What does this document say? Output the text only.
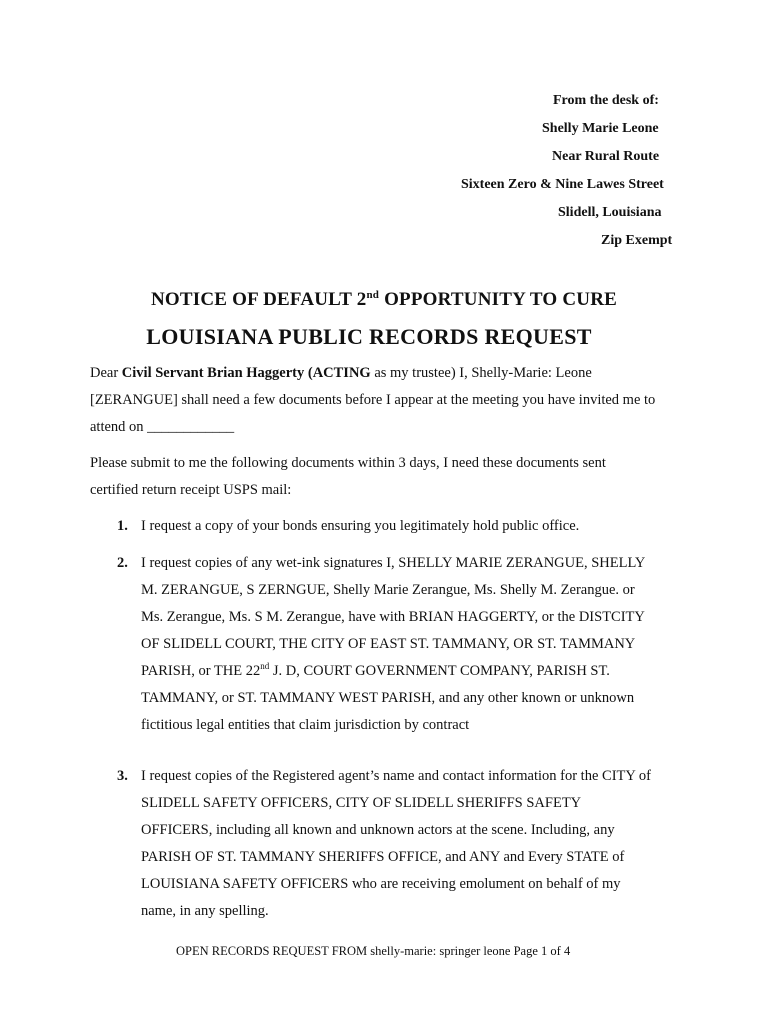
From the desk of:
Shelly Marie Leone
Near Rural Route
Sixteen Zero & Nine Lawes Street
Slidell, Louisiana
Zip Exempt
NOTICE OF DEFAULT 2nd OPPORTUNITY TO CURE
LOUISIANA PUBLIC RECORDS REQUEST
Dear Civil Servant Brian Haggerty (ACTING as my trustee) I, Shelly-Marie: Leone
[ZERANGUE] shall need a few documents before I appear at the meeting you have invited me to
attend on ____________
Please submit to me the following documents within 3 days, I need these documents sent
certified return receipt USPS mail:
1. I request a copy of your bonds ensuring you legitimately hold public office.
2. I request copies of any wet-ink signatures I, SHELLY MARIE ZERANGUE, SHELLY
M. ZERANGUE, S ZERNGUE, Shelly Marie Zerangue, Ms. Shelly M. Zerangue. or
Ms. Zerangue, Ms. S M. Zerangue, have with BRIAN HAGGERTY, or the DISTCITY
OF SLIDELL COURT, THE CITY OF EAST ST. TAMMANY, OR ST. TAMMANY
PARISH, or THE 22nd J. D, COURT GOVERNMENT COMPANY, PARISH ST.
TAMMANY, or ST. TAMMANY WEST PARISH, and any other known or unknown
fictitious legal entities that claim jurisdiction by contract
3. I request copies of the Registered agent’s name and contact information for the CITY of
SLIDELL SAFETY OFFICERS, CITY OF SLIDELL SHERIFFS SAFETY
OFFICERS, including all known and unknown actors at the scene. Including, any
PARISH OF ST. TAMMANY SHERIFFS OFFICE, and ANY and Every STATE of
LOUISIANA SAFETY OFFICERS who are receiving emolument on behalf of my
name, in any spelling.
OPEN RECORDS REQUEST FROM shelly-marie: springer leone Page 1 of 4
